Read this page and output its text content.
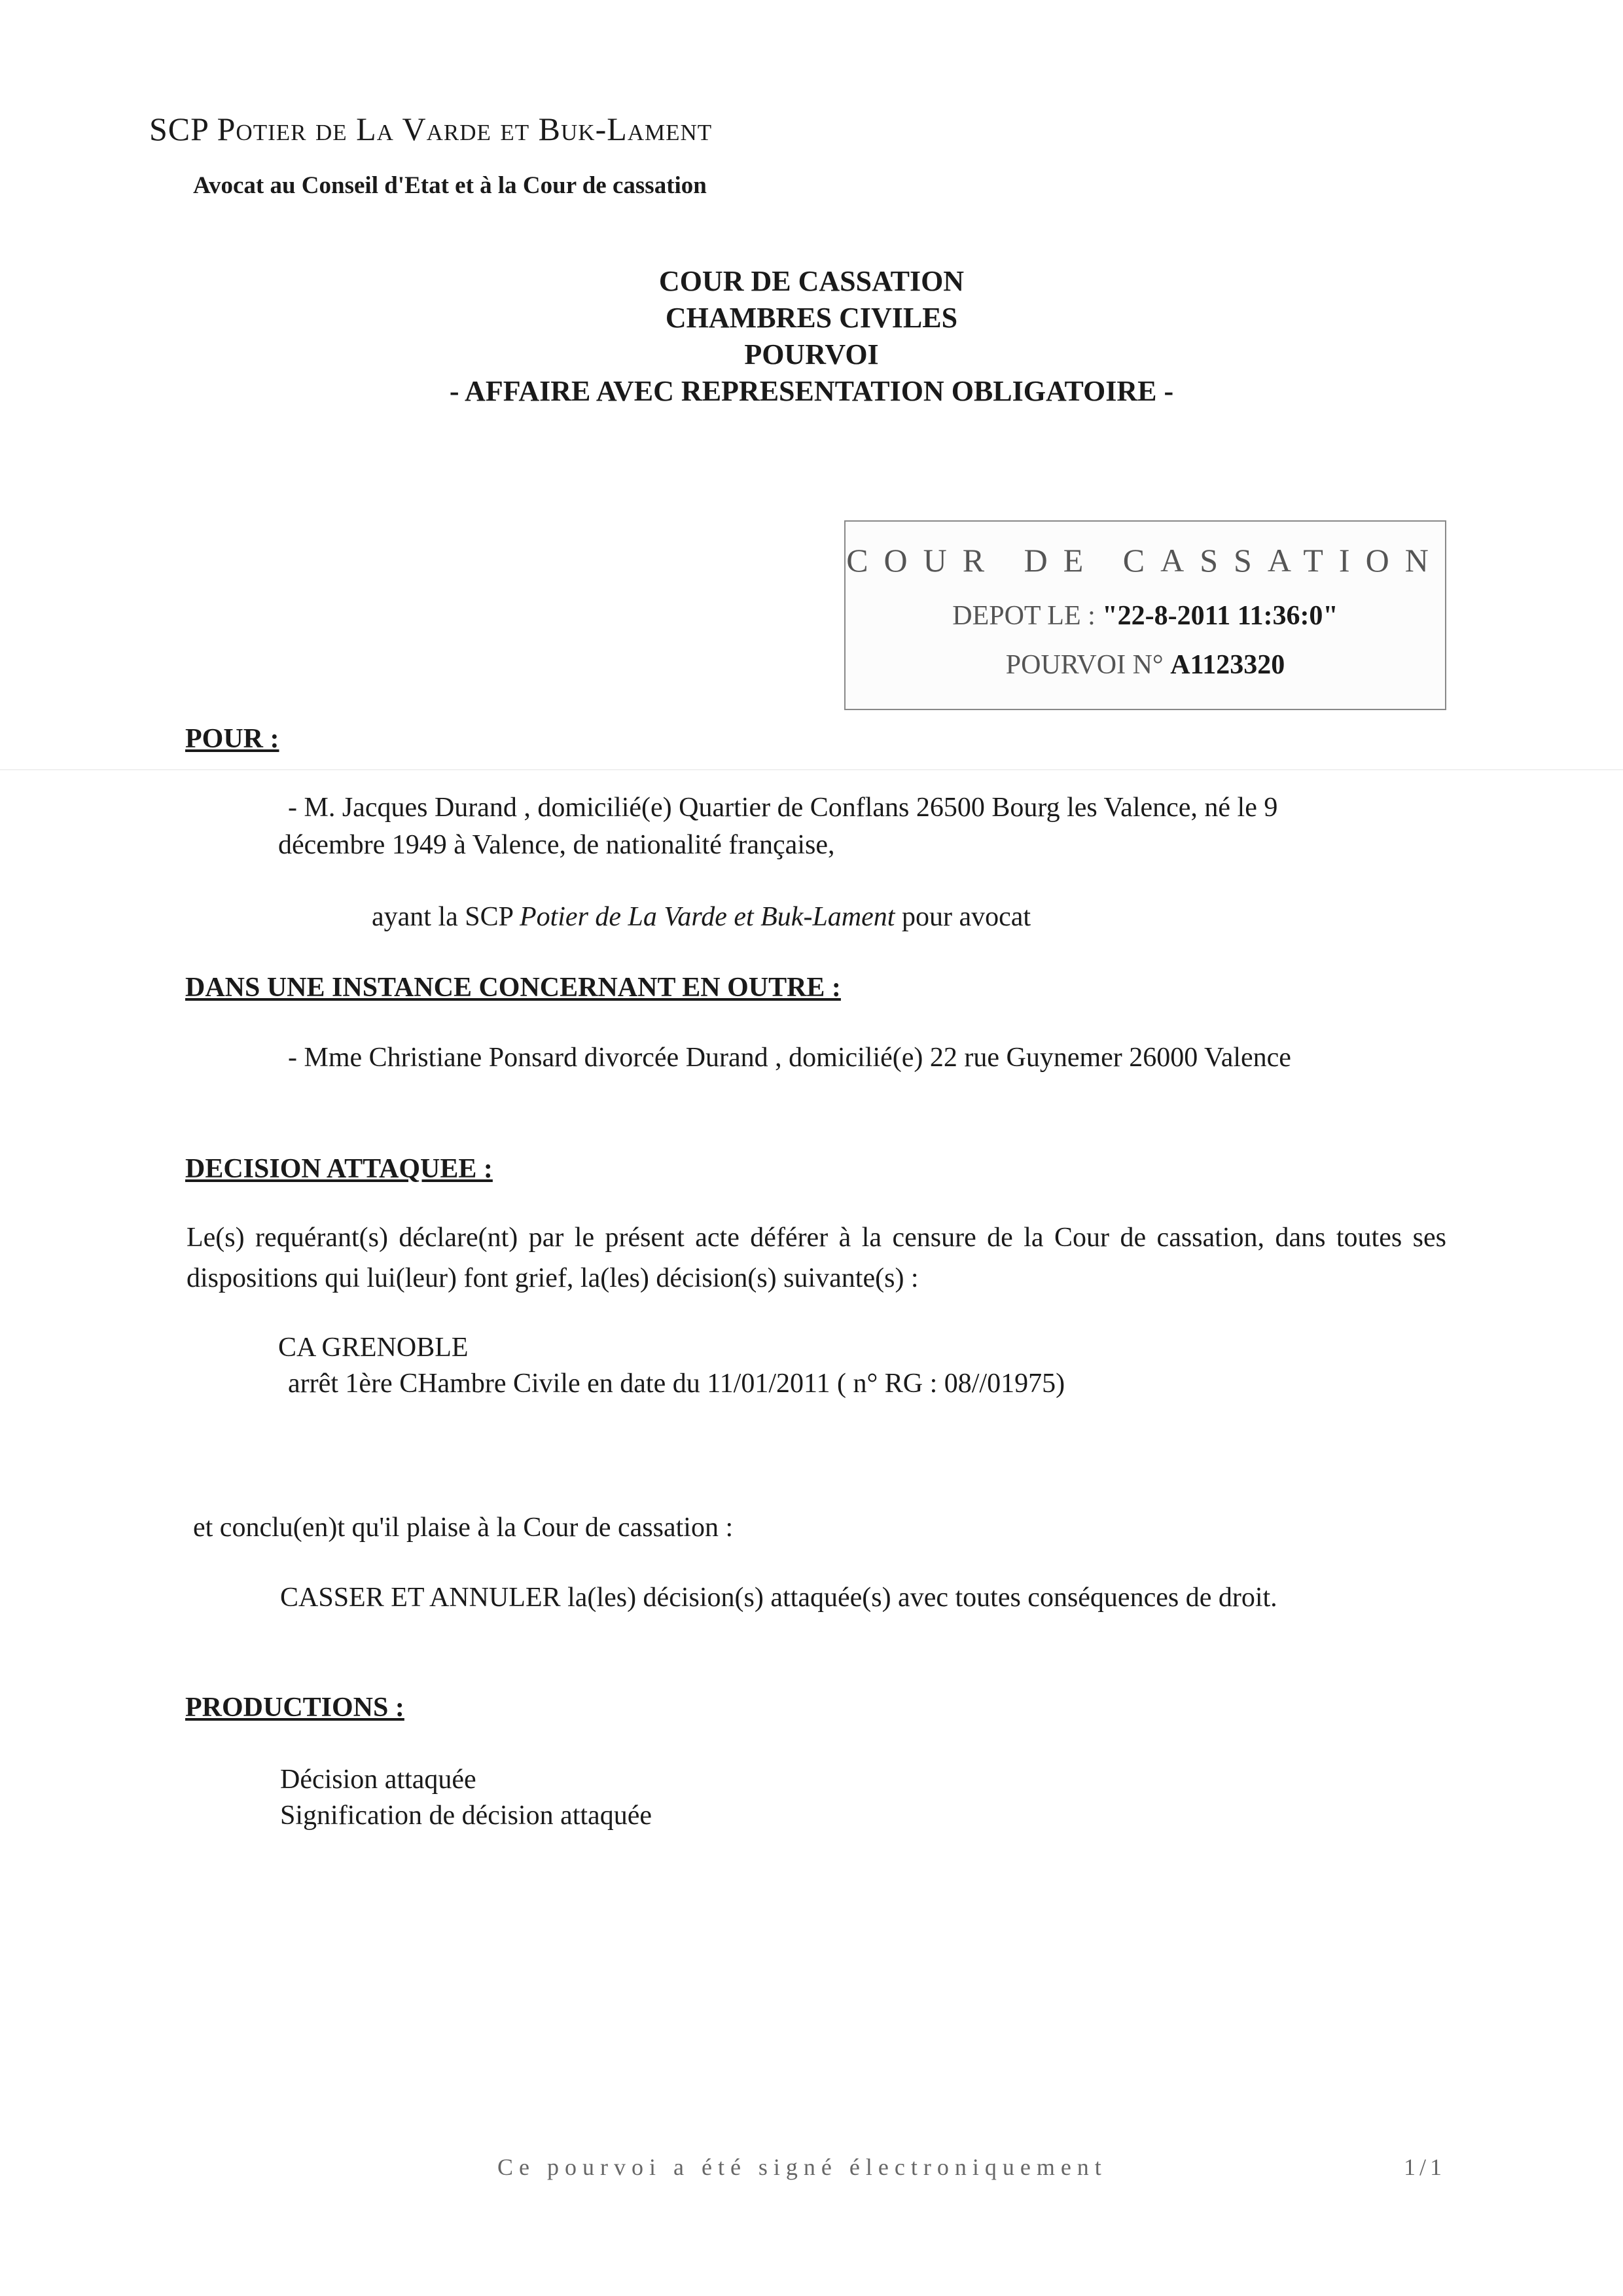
SCP Potier de La Varde et Buk-Lament
Avocat au Conseil d'Etat et à la Cour de cassation
COUR DE CASSATION
CHAMBRES CIVILES
POURVOI
- AFFAIRE AVEC REPRESENTATION OBLIGATOIRE -
COUR DE CASSATION
DEPOT LE : "22-8-2011 11:36:0"
POURVOI N° A1123320
POUR :
- M. Jacques Durand , domicilié(e) Quartier de Conflans 26500 Bourg les Valence, né le 9
décembre 1949 à Valence, de nationalité française,
ayant la SCP Potier de La Varde et Buk-Lament pour avocat
DANS UNE INSTANCE CONCERNANT EN OUTRE :
- Mme Christiane Ponsard divorcée Durand , domicilié(e) 22 rue Guynemer 26000 Valence
DECISION ATTAQUEE :
Le(s) requérant(s) déclare(nt) par le présent acte déférer à la censure de la Cour de cassation, dans toutes ses dispositions qui lui(leur) font grief, la(les) décision(s) suivante(s) :
CA GRENOBLE
arrêt 1ère CHambre Civile en date du 11/01/2011 ( n° RG : 08//01975)
et conclu(en)t qu'il plaise à la Cour de cassation :
CASSER ET ANNULER la(les) décision(s) attaquée(s) avec toutes conséquences de droit.
PRODUCTIONS :
Décision attaquée
Signification de décision attaquée
Ce pourvoi a été signé électroniquement	1/1
